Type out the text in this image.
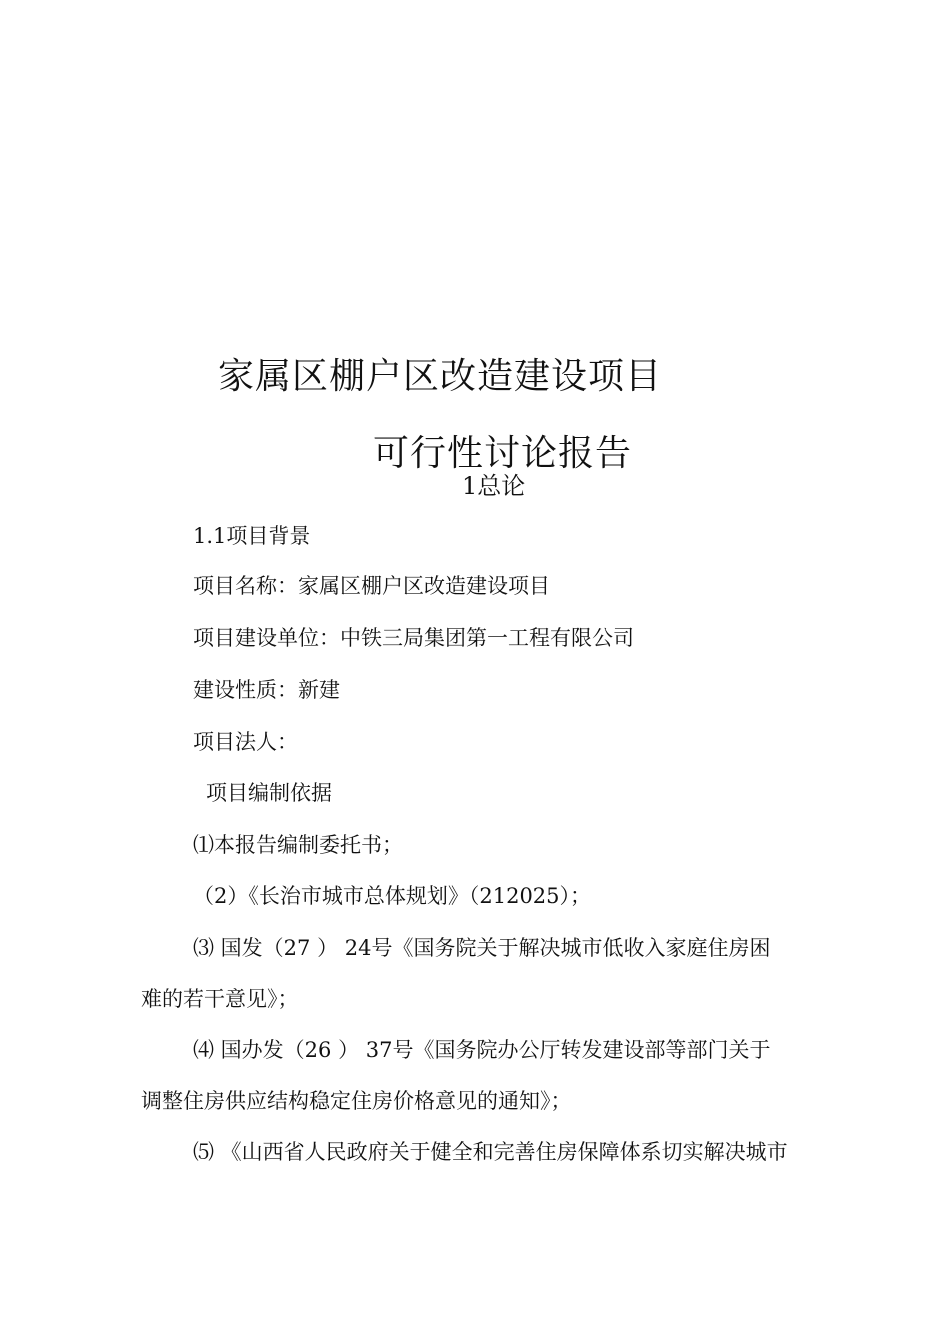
家属区棚户区改造建设项目
可行性讨论报告
1总论
1.1项目背景
项目名称：家属区棚户区改造建设项目
项目建设单位：中铁三局集团第一工程有限公司
建设性质：新建
项目法人：
项目编制依据
⑴本报告编制委托书；
（2）《长治市城市总体规划》（212025）；
⑶ 国发（27 ） 24号《国务院关于解决城市低收入家庭住房困
难的若干意见》；
⑷ 国办发（26 ） 37号《国务院办公厅转发建设部等部门关于
调整住房供应结构稳定住房价格意见的通知》；
⑸ 《山西省人民政府关于健全和完善住房保障体系切实解决城市
